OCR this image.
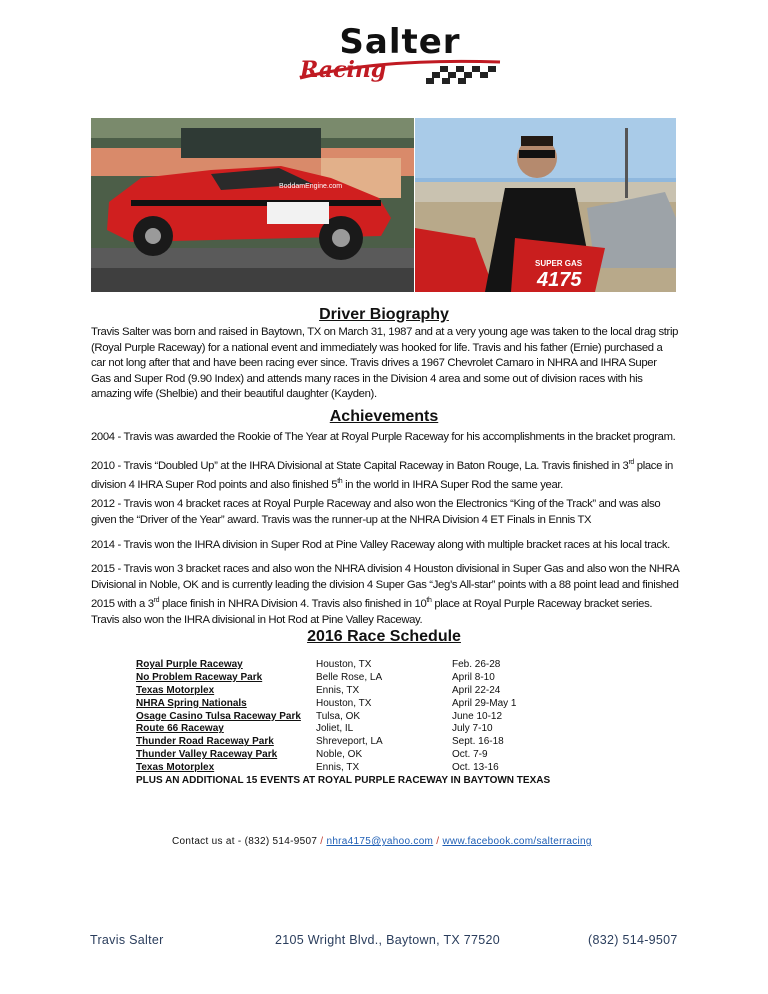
Salter
Racing
BoddamEngine.com
SUPER GAS
4175
Driver Biography

Travis Salter was born and raised in Baytown, TX on March 31, 1987 and at a very young age was taken to the local drag strip (Royal Purple Raceway) for a national event and immediately was hooked for life. Travis and his father (Ernie) purchased a car not long after that and have been racing ever since. Travis drives a 1967 Chevrolet Camaro in NHRA and IHRA Super Gas and Super Rod (9.90 Index) and attends many races in the Division 4 area and some out of division races with his amazing wife (Shelbie) and their beautiful daughter (Kayden).

Achievements

2004 - Travis was awarded the Rookie of The Year at Royal Purple Raceway for his accomplishments in the bracket program.

2010 - Travis “Doubled Up” at the IHRA Divisional at State Capital Raceway in Baton Rouge, La. Travis finished in 3rd place in division 4 IHRA Super Rod points and also finished 5th in the world in IHRA Super Rod the same year.

2012 - Travis won 4 bracket races at Royal Purple Raceway and also won the Electronics “King of the Track” and was also given the “Driver of the Year” award. Travis was the runner-up at the NHRA Division 4 ET Finals in Ennis TX

2014 - Travis won the IHRA division in Super Rod at Pine Valley Raceway along with multiple bracket races at his local track.

2015 - Travis won 3 bracket races and also won the NHRA division 4 Houston divisional in Super Gas and also won the NHRA Divisional in Noble, OK and is currently leading the division 4 Super Gas “Jeg’s All-star” points with a 88 point lead and finished 2015 with a 3rd place finish in NHRA Division 4. Travis also finished in 10th place at Royal Purple Raceway bracket series. Travis also won the IHRA divisional in Hot Rod at Pine Valley Raceway.

2016 Race Schedule
Royal Purple Raceway	Houston, TX	Feb. 26-28
No Problem Raceway Park	Belle Rose, LA	April 8-10
Texas Motorplex	Ennis, TX	April 22-24
NHRA Spring Nationals	Houston, TX	April 29-May 1
Osage Casino Tulsa Raceway Park	Tulsa, OK	June 10-12
Route 66 Raceway	Joliet, IL	July 7-10
Thunder Road Raceway Park	Shreveport, LA	Sept. 16-18
Thunder Valley Raceway Park	Noble, OK	Oct. 7-9
Texas Motorplex	Ennis, TX	Oct. 13-16
PLUS AN ADDITIONAL 15 EVENTS AT ROYAL PURPLE RACEWAY IN BAYTOWN TEXAS
Contact us at - (832) 514-9507 / nhra4175@yahoo.com / www.facebook.com/salterracing
Travis Salter	2105 Wright Blvd., Baytown, TX 77520	(832) 514-9507
